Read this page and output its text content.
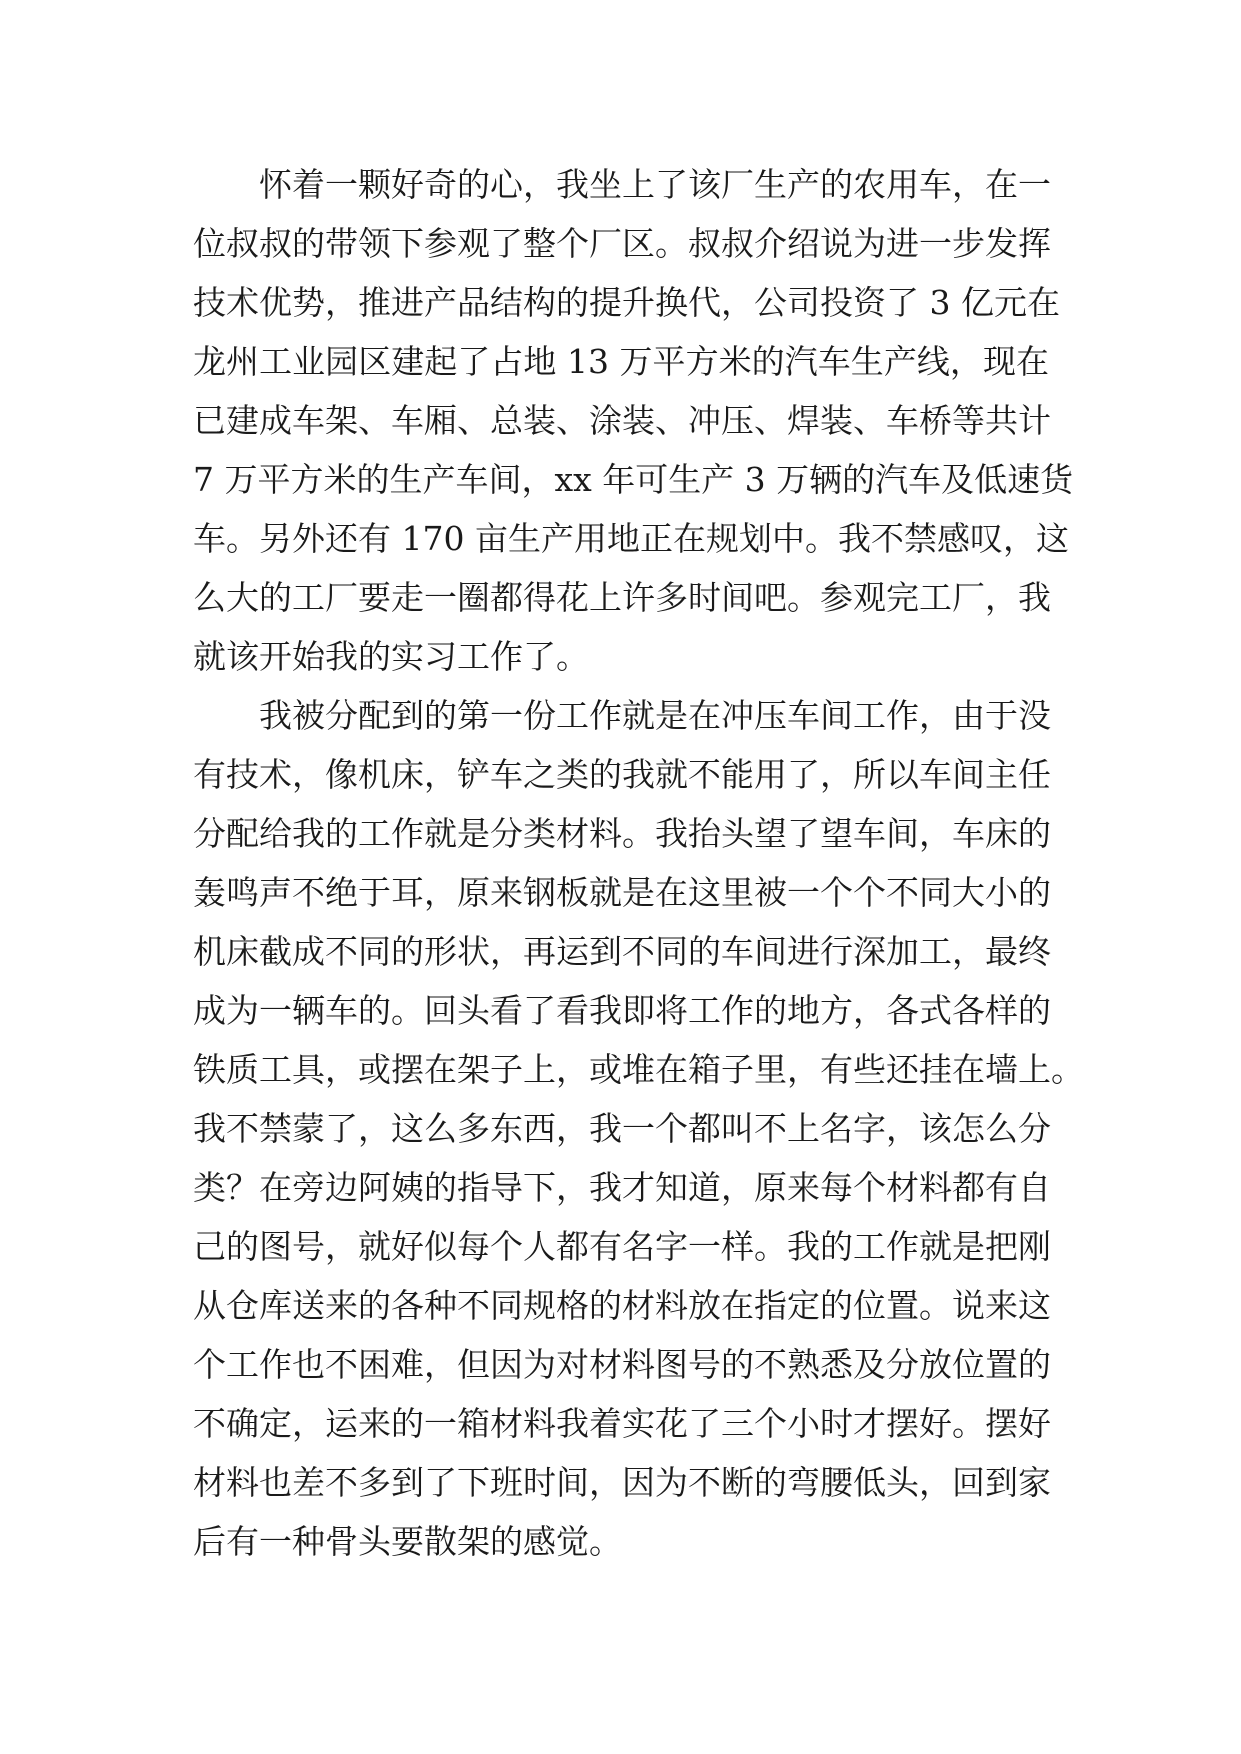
怀着一颗好奇的心，我坐上了该厂生产的农用车，在一
位叔叔的带领下参观了整个厂区。叔叔介绍说为进一步发挥
技术优势，推进产品结构的提升换代，公司投资了 3 亿元在
龙州工业园区建起了占地 13 万平方米的汽车生产线，现在
已建成车架、车厢、总装、涂装、冲压、焊装、车桥等共计
7 万平方米的生产车间，xx 年可生产 3 万辆的汽车及低速货
车。另外还有 170 亩生产用地正在规划中。我不禁感叹，这
么大的工厂要走一圈都得花上许多时间吧。参观完工厂，我
就该开始我的实习工作了。
我被分配到的第一份工作就是在冲压车间工作，由于没
有技术，像机床，铲车之类的我就不能用了，所以车间主任
分配给我的工作就是分类材料。我抬头望了望车间，车床的
轰鸣声不绝于耳，原来钢板就是在这里被一个个不同大小的
机床截成不同的形状，再运到不同的车间进行深加工，最终
成为一辆车的。回头看了看我即将工作的地方，各式各样的
铁质工具，或摆在架子上，或堆在箱子里，有些还挂在墙上。
我不禁蒙了，这么多东西，我一个都叫不上名字，该怎么分
类？在旁边阿姨的指导下，我才知道，原来每个材料都有自
己的图号，就好似每个人都有名字一样。我的工作就是把刚
从仓库送来的各种不同规格的材料放在指定的位置。说来这
个工作也不困难，但因为对材料图号的不熟悉及分放位置的
不确定，运来的一箱材料我着实花了三个小时才摆好。摆好
材料也差不多到了下班时间，因为不断的弯腰低头，回到家
后有一种骨头要散架的感觉。
